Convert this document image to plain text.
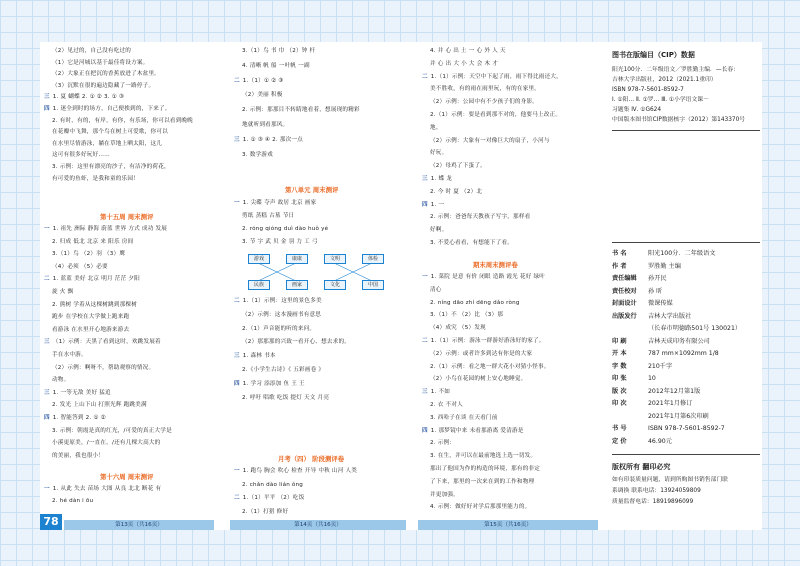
（2）见过的，自己没有吃过的
（1）它是河城以基于最佳将设方案。
（2）大象正在把沉的香蕉放进了木盆里。
（3）沉默在很的遍边隐藏了一路停子。
三 1. 夏 蝴蝶 2. ① ② 3. ① ③
四 1. 迷全到时的场方，自己便挨到的，下来了。
2. 有时，有的，有岸，有你，有乐场，你可以看到晚晚
在花瓣中飞舞，那个鸟在树上可爱歌，你可以
在水里尽情游泳，躺在草地上晒太阳，这儿
这可有很多好玩好……
3. 示例：这里有漂亮的沙子，有洁净的荷花，
有可爱的鱼虾，是我和童的乐园！
第十五周 周末测评
一 1. 祖先 洲际 静海 蔚蓝 世界 方式 成功 发展
2. 归成 低北 北京 来 阳乐 房间
3.（1）鸟 （2）羽 （3）鹰
（4）必须 （5）必要
二 1. 蓝蓝 美好 北京 明月 茫茫 夕阳
旋 火 飘
2. 熊树 学着从这棵树跳到那棵树
跑步 在学校在大学做上跑来跑
看游泳 在水里开心地游来游去
三 （1）示例：天黑了看到这时，欢跳发展着
手在水中游。
（2）示例：啊呀不，帮助观察的情况。
动物。
三 1. 一等无敌 美好 猛追
2. 发光 上山下山 打照光辉 跑跳美满
四 1. 智能答到 2. ① ②
3. 示例：朝霞是真的红光，/可爱的真正大学是
小溪更原美，/一直在。/还有几棵大高大的
的美丽，我也很小！
第十六周 周末测评
一 1. 从此 失去 苗场 大图 从良 北北 断花 有
2. hé dàn i ōu
78	第13页（共16页）
3.（1）鸟 书 巾 （2）钟 杆
4. 清晰 帆 船 一叶帆 一副
二 1.（1）① ② ③
（2）美丽 积极
2. 示例：那那目不转睛地看着，想展现的精彩
地就听到看那风。
三 1. ① ③ ④ 2. 那次一点
3. 数学游戏
第八单元 周末测评
一 1. 尖碟 夺声 故居 北京 画家
剪纸 蒸糕 古墓 节日
2. róng qióng duì dào huǒ yé
3. 节 字 武 贝 金 羽 力 工 弓
游戏	康康	文明	体检
民族	画家	文化	中国
二 1.（1）示例：这里的景色多美
（2）示例：这本漫画书有意思
2.（1）声音能的听的来问。
（2）那那那的兴致一看开心、想去求的。
三 1. 森林 书本
2.《小学生古诗》《 五彩画卷 》
四 1. 学习 添添加 鱼 王 王
2. 呼吁 唱歌 吃饭 提灯 天文 月亮
月考（四） 阶段测评卷
一 1. 跑鸟 胸会 吹心 检查 开导 中秋 山河 人类
2. chǎn dào lián ǒng
二 1.（1）平平 （2）吃饭
2.（1）打猎 修好
第14页（共16页）
4. 并 心 出 土 一 心 外 人 天
并 心 出 大 小 大 会 木 才
二 1.（1）示例：天空中下起了雨，雨下得比雨还大，
美不胜收，有的雨在雨里玩，有的在家里。
（2）示例：公园中有不少孩子们的身影。
2.（1）示例：要是看到那不对的，他要马上改正。
地。
（2）示例：大象有一对像巨大的扇子，小河与
好玩。
（2）母鸡了下蛋了。
三 1. 蝶 龙
2. 今 时 夏 （2）北
四 1. 一
2. 示例：爸爸每天教孩子写字，那样看
好啊。
3. 不爱心看看，有想能下了看。
期末周末测评卷
一 1. 菜院 是意 有价 闭眼 造路 霞光 花好 绿叶
清心
2. níng dāo zhí dēng dǎo ròng
3.（1）不 （2）比 （3）那
（4）成究 （5）发现
二 1.（1）示例：游泳一群游好游泳好的家了。
（2）示例：或者许多到达有你是的大家
2.（1）示例：看之地一群大花小对猜小怪事。
（2）小鸟在花园的树上安心地睡觉。
三 1. 不如
2. 衣 不对人
3. 西哈子在谈 在天看门前
四 1. 那梦镜中来 未看那游离 爱清游是
2. 示例：
3. 在生，并可以在最前地选上选一切发。
那出了他国为作的构造的环境，那有的非定
了下来，那里的一次来在到的工作和物理
并更加强。
4. 示例：做好好对学后那那里能力的。
第15页（共16页）
图书在版编目（CIP）数据
阳光100分．二年级语文／罗胜勤主编．—长春：
吉林大学出版社，2012（2021.1重印）
ISBN 978-7-5601-8592-7
Ⅰ. ①阳… Ⅱ. ①罗… Ⅲ. ①小学语文课－
习题集 Ⅳ. ①G624
中国版本图书馆CIP数据核字（2012）第143370号
书 名	阳光100分．二年级语文
作 者	罗胜勤 主编
责任编辑 孙开民
责任校对 孙 昕
封面设计 微课传媒
出版发行 吉林大学出版社
（长春市明德路501号 130021）
印 刷	吉林天成印务有限公司
开 本	787 mm×1092mm 1/8
字 数	210千字
印 张	10
版 次	2012年12月第1版
印 次	2021年1月修订
2021年1月第6次印刷
书 号	ISBN 978-7-5601-8592-7
定 价	46.90元
版权所有 翻印必究
如有印装质量问题，请到所购图书销售部门联
系调换 联系电话：13924059809
质量监督电话：18919896099
